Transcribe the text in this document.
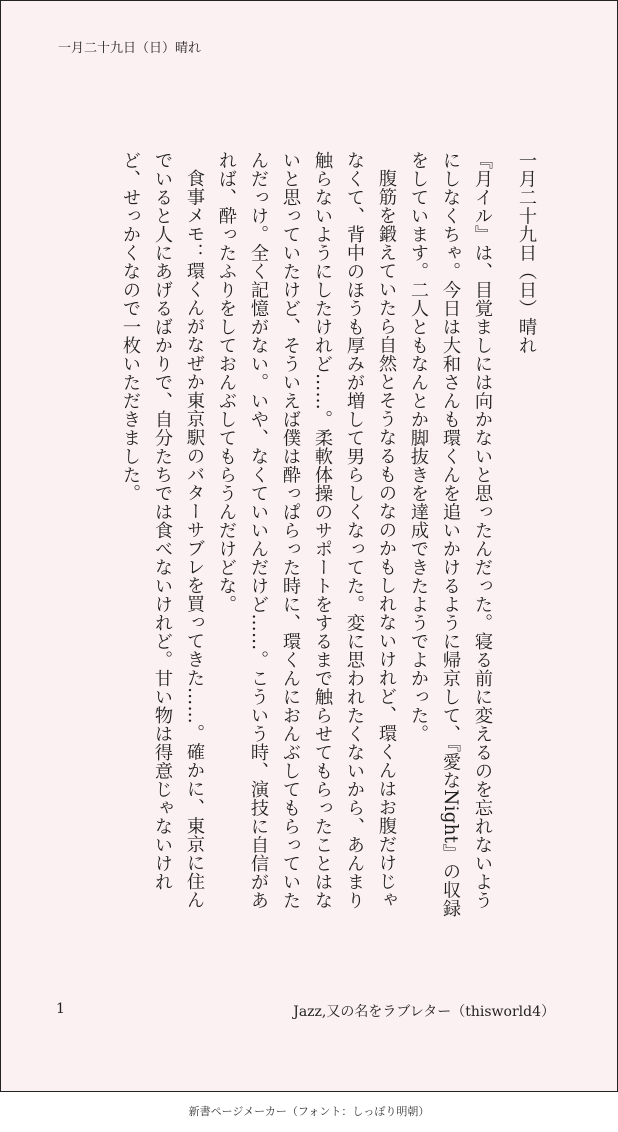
一月二十九日（日）晴れ
一月二十九日（日）晴れ

『月イル』は、目覚ましには向かないと思ったんだった。寝る前に変えるのを忘れないようにしなくちゃ。今日は大和さんも環くんを追いかけるように帰京して、『愛なNight』の収録をしています。二人ともなんとか脚抜きを達成できたようでよかった。

腹筋を鍛えていたら自然とそうなるものなのかもしれないけれど、環くんはお腹だけじゃなくて、背中のほうも厚みが増して男らしくなってた。変に思われたくないから、あんまり触らないようにしたけれど……。柔軟体操のサポートをするまで触らせてもらったことはないと思っていたけど、そういえば僕は酔っぱらった時に、環くんにおんぶしてもらっていたんだっけ。全く記憶がない。いや、なくていいんだけど……。こういう時、演技に自信があれば、酔ったふりをしておんぶしてもらうんだけどな。

食事メモ：環くんがなぜか東京駅のバターサブレを買ってきた……。確かに、東京に住んでいると人にあげるばかりで、自分たちでは食べないけれど。甘い物は得意じゃないけれど、せっかくなので一枚いただきました。

1	Jazz,又の名をラブレター（thisworld4）
新書ページメーカー（フォント：しっぽり明朝）
